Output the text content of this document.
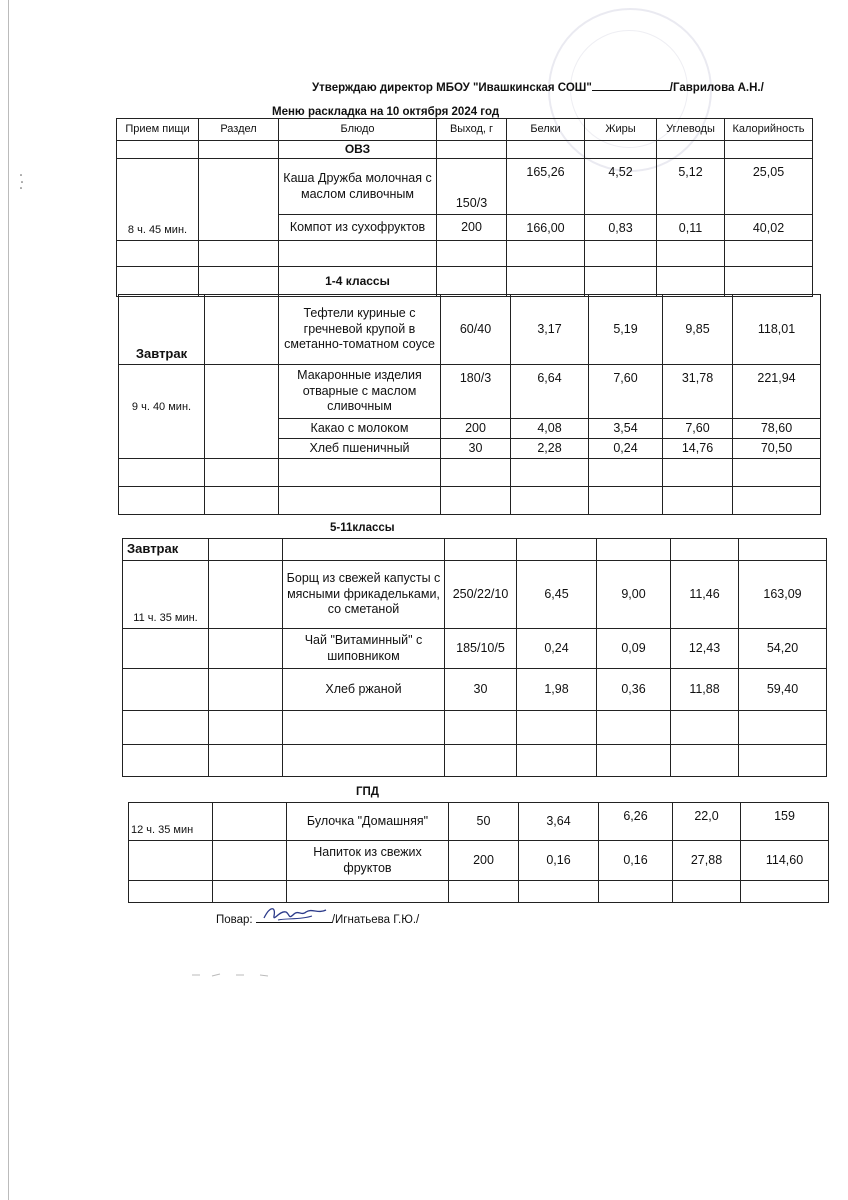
Утверждаю директор МБОУ "Ивашкинская СОШ"	/Гаврилова А.Н./
Меню раскладка на 10 октября 2024 год
Прием пищи	Раздел	Блюдо	Выход, г	Белки	Жиры	Углеводы	Калорийность
		ОВЗ					
8 ч. 45 мин.		Каша Дружба молочная с маслом сливочным	150/3	165,26	4,52	5,12	25,05
		Компот из сухофруктов	200	166,00	0,83	0,11	40,02

		1-4 классы					
Завтрак		Тефтели куриные с гречневой крупой в сметанно-томатном соусе	60/40	3,17	5,19	9,85	118,01
9 ч. 40 мин.		Макаронные изделия отварные с маслом сливочным	180/3	6,64	7,60	31,78	221,94
		Какао с молоком	200	4,08	3,54	7,60	78,60
		Хлеб пшеничный	30	2,28	0,24	14,76	70,50

5-11классы
Завтрак							
11 ч. 35 мин.		Борщ из свежей капусты с мясными фрикадельками, со сметаной	250/22/10	6,45	9,00	11,46	163,09
		Чай "Витаминный" с шиповником	185/10/5	0,24	0,09	12,43	54,20
		Хлеб ржаной	30	1,98	0,36	11,88	59,40

ГПД
12 ч. 35 мин		Булочка "Домашняя"	50	3,64	6,26	22,0	159
		Напиток из свежих фруктов	200	0,16	0,16	27,88	114,60

Повар:	/Игнатьева Г.Ю./
